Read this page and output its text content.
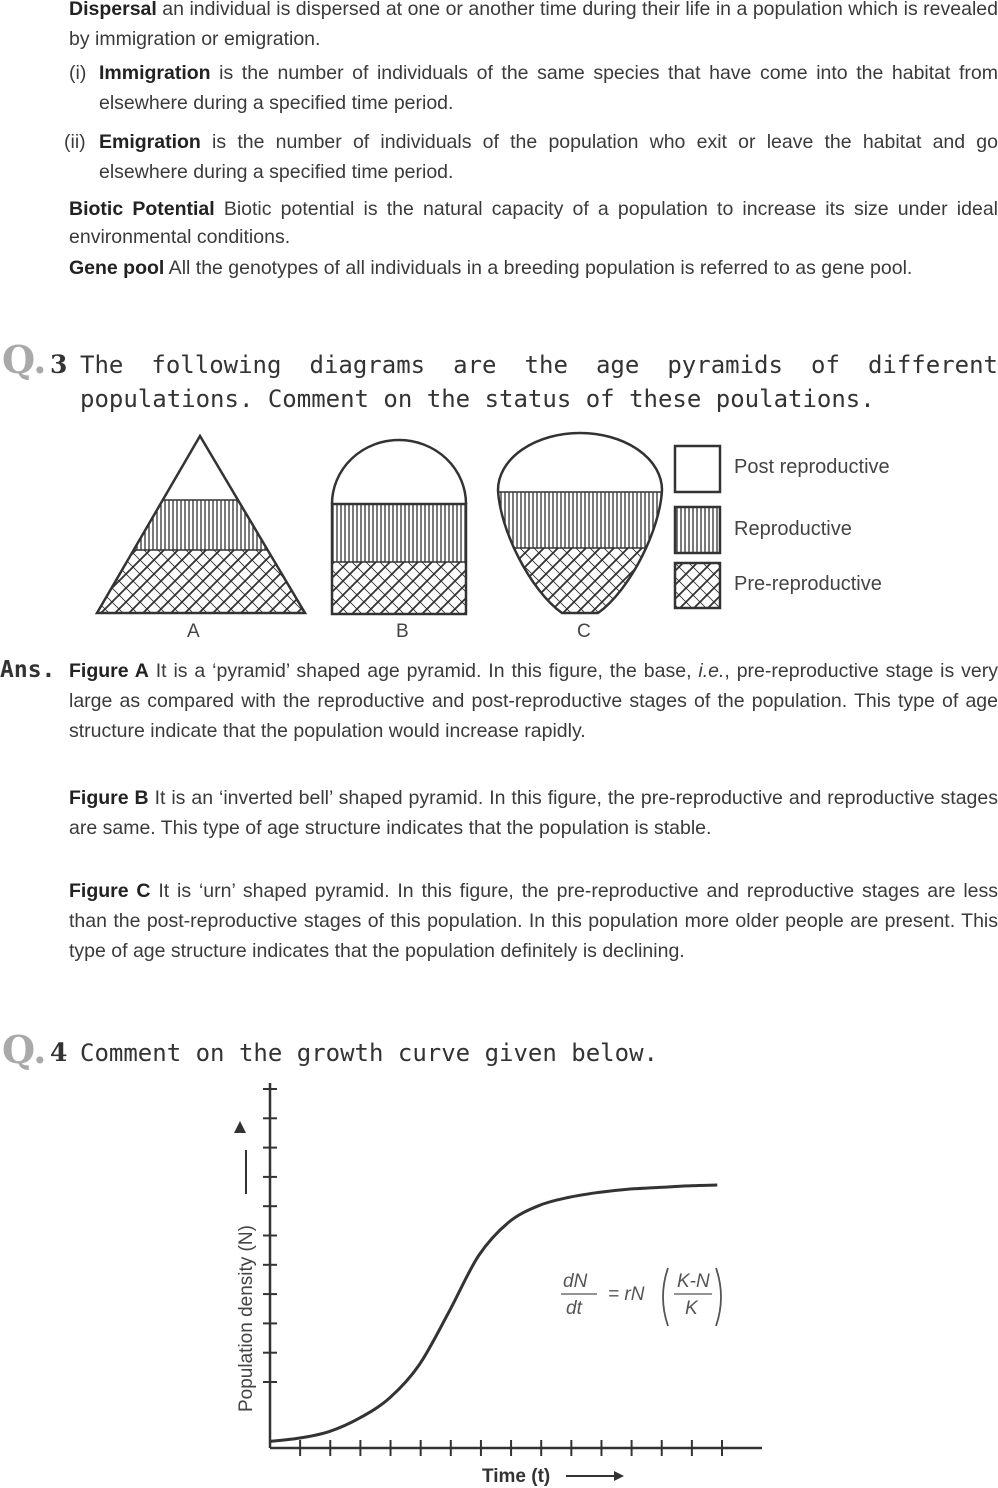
Dispersal an individual is dispersed at one or another time during their life in a population which is revealed by immigration or emigration.
(i) Immigration is the number of individuals of the same species that have come into the habitat from elsewhere during a specified time period.
(ii) Emigration is the number of individuals of the population who exit or leave the habitat and go elsewhere during a specified time period.
Biotic Potential Biotic potential is the natural capacity of a population to increase its size under ideal environmental conditions.
Gene pool All the genotypes of all individuals in a breeding population is referred to as gene pool.
Q. 3 The following diagrams are the age pyramids of different populations. Comment on the status of these poulations.
Post reproductive
Reproductive
Pre-reproductive
A	B	C
Ans. Figure A It is a ‘pyramid’ shaped age pyramid. In this figure, the base, i.e., pre-reproductive stage is very large as compared with the reproductive and post-reproductive stages of the population. This type of age structure indicate that the population would increase rapidly.
Figure B It is an ‘inverted bell’ shaped pyramid. In this figure, the pre-reproductive and reproductive stages are same. This type of age structure indicates that the population is stable.
Figure C It is ‘urn’ shaped pyramid. In this figure, the pre-reproductive and reproductive stages are less than the post-reproductive stages of this population. In this population more older people are present. This type of age structure indicates that the population definitely is declining.
Q. 4 Comment on the growth curve given below.
Population density (N)
Time (t)
dN
dt
= rN
K-N
K
